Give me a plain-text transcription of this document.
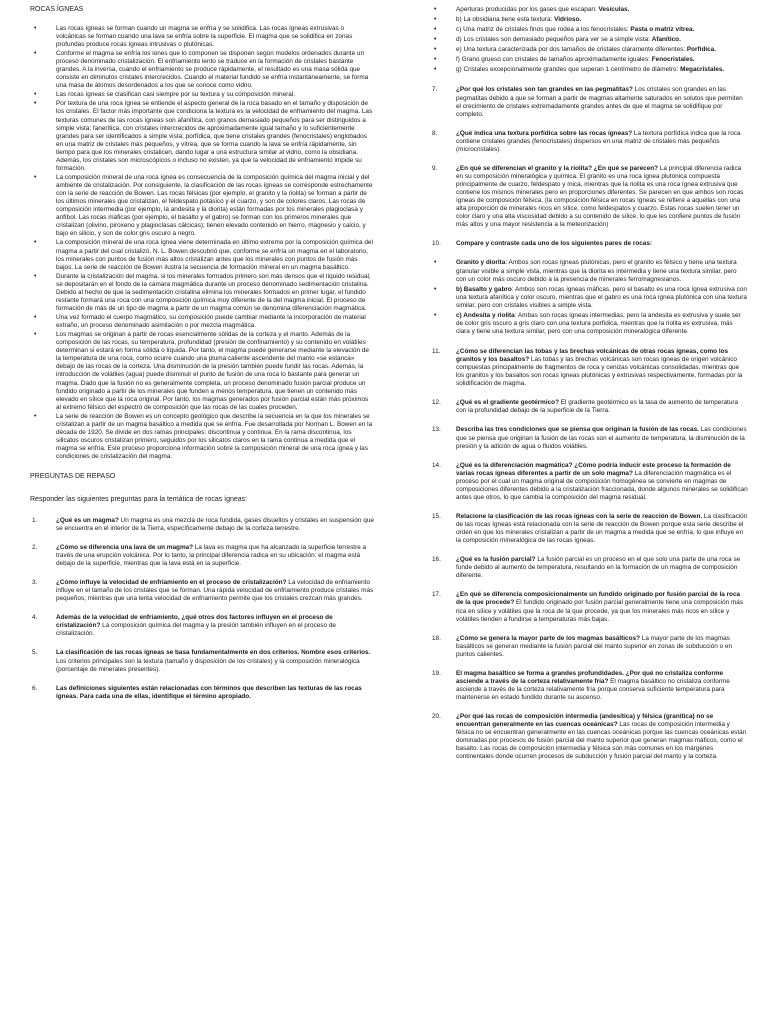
ROCAS ÍGNEAS
• Las rocas ígneas se forman cuando un magma se enfría y se solidifica. Las rocas ígneas extrusivas o volcánicas se forman cuando una lava se enfría sobre la superficie. El magma que se solidifica en zonas profundas produce rocas ígneas intrusivas o plutónicas.
• Conforme el magma se enfría los iones que lo componen se disponen según modelos ordenados durante un proceso denominado cristalización. El enfriamiento lento se traduce en la formación de cristales bastante grandes. A la inversa, cuando el enfriamiento se produce rápidamente, el resultado es una masa sólida que consiste en diminutos cristales intercrecidos. Cuando el material fundido se enfría instantáneamente, se forma una masa de átomos desordenados a los que se conoce como vidrio.
• Las rocas ígneas se clasifican casi siempre por su textura y su composición mineral.
• Por textura de una roca ígnea se entiende el aspecto general de la roca basado en el tamaño y disposición de los cristales. El factor más importante que condiciona la textura es la velocidad de enfriamiento del magma. Las texturas comunes de las rocas ígneas son afanítica, con granos demasiado pequeños para ser distinguidos a simple vista; fanerítica, con cristales intercrecidos de aproximadamente igual tamaño y lo suficientemente grandes para ser identificados a simple vista; porfídica, que tiene cristales grandes (fenocristales) englobados en una matriz de cristales más pequeños, y vítrea, que se forma cuando la lava se enfría rápidamente, sin tiempo para que los minerales cristalicen, dando lugar a una estructura similar al vidrio, como la obsidiana. Además, los cristales son microscópicos o incluso no existen, ya que la velocidad de enfriamiento impide su formación.
• La composición mineral de una roca ígnea es consecuencia de la composición química del magma inicial y del ambiente de cristalización. Por consiguiente, la clasificación de las rocas ígneas se corresponde estrechamente con la serie de reacción de Bowen. Las rocas félsicas (por ejemplo, el granito y la riolita) se forman a partir de los últimos minerales que cristalizan, el feldespato potásico y el cuarzo, y son de colores claros. Las rocas de composición intermedia (por ejemplo, la andesita y la diorita) están formadas por los minerales plagioclasa y anfíbol. Las rocas máficas (por ejemplo, el basalto y el gabro) se forman con los primeros minerales que cristalizan (olivino, piroxeno y plagioclasas cálcicas); tienen elevado contenido en hierro, magnesio y calcio, y bajo en silicio, y son de color gris oscuro a negro.
• La composición mineral de una roca ígnea viene determinada en último extremo por la composición química del magma a partir del cual cristalizó. N. L. Bowen descubrió que, conforme se enfría un magma en el laboratorio, los minerales con puntos de fusión más altos cristalizan antes que los minerales con puntos de fusión más bajos. La serie de reacción de Bowen ilustra la secuencia de formación mineral en un magma basáltico.
• Durante la cristalización del magma, si los minerales formados primero son más densos que el líquido residual, se depositarán en el fondo de la cámara magmática durante un proceso denominado sedimentación cristalina. Debido al hecho de que la sedimentación cristalina elimina los minerales formados en primer lugar, el fundido restante formará una roca con una composición química muy diferente de la del magma inicial. El proceso de formación de más de un tipo de magma a partir de un magma común se denomina diferenciación magmática.
• Una vez formado el cuerpo magmático, su composición puede cambiar mediante la incorporación de material extraño, un proceso denominado asimilación o por mezcla magmática.
• Los magmas se originan a partir de rocas esencialmente sólidas de la corteza y el manto. Además de la composición de las rocas, su temperatura, profundidad (presión de confinamiento) y su contenido en volátiles determinan si estará en forma sólida o líquida. Por tanto, el magma puede generarse mediante la elevación de la temperatura de una roca, como ocurre cuando una pluma caliente ascendente del manto «se estanca» debajo de las rocas de la corteza. Una disminución de la presión también puede fundir las rocas. Además, la introducción de volátiles (agua) puede disminuir el punto de fusión de una roca lo bastante para generar un magma. Dado que la fusión no es generalmente completa, un proceso denominado fusión parcial produce un fundido originado a partir de los minerales que funden a menos temperatura, que tienen un contenido más elevado en sílice que la roca original. Por tanto, los magmas generados por fusión parcial están más próximos al extremo félsico del espectro de composición que las rocas de las cuales proceden.
• La serie de reacción de Bowen es un concepto geológico que describe la secuencia en la que los minerales se cristalizan a partir de un magma basáltico a medida que se enfría. Fue desarrollada por Norman L. Bowen en la década de 1920. Se divide en dos ramas principales: discontinua y continua. En la rama discontinua, los silicatos oscuros cristalizan primero, seguidos por los silicatos claros en la rama continua a medida que el magma se enfría. Este proceso proporciona información sobre la composición mineral de una roca ígnea y las condiciones de cristalización del magma.
PREGUNTAS DE REPASO
Responder las siguientes preguntas para la temática de rocas ígneas:
1.	¿Qué es un magma? Un magma es una mezcla de roca fundida, gases disueltos y cristales en suspensión que se encuentra en el interior de la Tierra, específicamente debajo de la corteza terrestre.
2.	¿Cómo se diferencia una lava de un magma? La lava es magma que ha alcanzado la superficie terrestre a través de una erupción volcánica. Por lo tanto, la principal diferencia radica en su ubicación: el magma está debajo de la superficie, mientras que la lava está en la superficie.
3.	¿Cómo influye la velocidad de enfriamiento en el proceso de cristalización? La velocidad de enfriamiento influye en el tamaño de los cristales que se forman. Una rápida velocidad de enfriamiento produce cristales más pequeños, mientras que una lenta velocidad de enfriamiento permite que los cristales crezcan más grandes.
4.	Además de la velocidad de enfriamiento, ¿qué otros dos factores influyen en el proceso de cristalización? La composición química del magma y la presión también influyen en el proceso de cristalización.
5.	La clasificación de las rocas ígneas se basa fundamentalmente en dos criterios. Nombre esos criterios. Los criterios principales son la textura (tamaño y disposición de los cristales) y la composición mineralógica (porcentaje de minerales presentes).
6.	Las definiciones siguientes están relacionadas con términos que describen las texturas de las rocas ígneas. Para cada una de ellas, identifique el término apropiado.
• Aperturas producidas por los gases que escapan: Vesículas.
• b) La obsidiana tiene esta textura: Vidrioso.
• c) Una matriz de cristales finos que rodea a los fenocristales: Pasta o matriz vítrea.
• d) Los cristales son demasiado pequeños para ver se a simple vista: Afanítico.
• e) Una textura caracterizada por dos tamaños de cristales claramente diferentes: Porfídica.
• f) Grano grueso con cristales de tamaños aproximadamente iguales: Fenocristales.
• g) Cristales excepcionalmente grandes que superan 1 centímetro de diámetro: Megacristales.
7.	¿Por qué los cristales son tan grandes en las pegmatitas? Los cristales son grandes en las pegmatitas debido a que se forman a partir de magmas altamente saturados en solutos que permiten el crecimiento de cristales extremadamente grandes antes de que el magma se solidifique por completo.
8.	¿Qué indica una textura porfídica sobre las rocas ígneas? La textura porfídica indica que la roca contiene cristales grandes (fenocristales) dispersos en una matriz de cristales más pequeños (microcristales).
9.	¿En qué se diferencian el granito y la riolita? ¿En qué se parecen? La principal diferencia radica en su composición mineralógica y química. El granito es una roca ígnea plutónica compuesta principalmente de cuarzo, feldespato y mica, mientras que la riolita es una roca ígnea extrusiva que contiene los mismos minerales pero en proporciones diferentes. Se parecen en que ambos son rocas ígneas de composición félsica. (la composición félsica en rocas ígneas se refiere a aquellas con una alta proporción de minerales ricos en sílice, como feldespatos y cuarzo. Estas rocas suelen tener un color claro y una alta viscosidad debido a su contenido de sílice, lo que les confiere puntos de fusión más altos y una mayor resistencia a la meteorización)
10. Compare y contraste cada uno de los siguientes pares de rocas:
• Granito y diorita: Ambos son rocas ígneas plutónicas, pero el granito es félsico y tiene una textura granular visible a simple vista, mientras que la diorita es intermedia y tiene una textura similar, pero con un color más oscuro debido a la presencia de minerales ferromagnesianos.
• b) Basalto y gabro: Ambos son rocas ígneas máficas, pero el basalto es una roca ígnea extrusiva con una textura afanítica y color oscuro, mientras que el gabro es una roca ígnea plutónica con una textura similar, pero con cristales visibles a simple vista.
• c) Andesita y riolita: Ambas son rocas ígneas intermedias, pero la andesita es extrusiva y suele ser de color gris oscuro a gris claro con una textura porfídica, mientras que la riolita es extrusiva, más clara y tiene una textura similar, pero con una composición mineralógica diferente.
11. ¿Cómo se diferencian las tobas y las brechas volcánicas de otras rocas ígneas, como los granitos y los basaltos? Las tobas y las brechas volcánicas son rocas ígneas de origen volcánico compuestas principalmente de fragmentos de roca y cenizas volcánicas consolidadas, mientras que los granitos y los basaltos son rocas ígneas plutónicas y extrusivas respectivamente, formadas por la solidificación de magma.
12. ¿Qué es el gradiente geotérmico? El gradiente geotérmico es la tasa de aumento de temperatura con la profundidad debajo de la superficie de la Tierra.
13. Describa las tres condiciones que se piensa que originan la fusión de las rocas. Las condiciones que se piensa que originan la fusión de las rocas son el aumento de temperatura, la disminución de la presión y la adición de agua o fluidos volátiles.
14. ¿Qué es la diferenciación magmática? ¿Cómo podría inducir este proceso la formación de varias rocas ígneas diferentes a partir de un solo magma? La diferenciación magmática es el proceso por el cual un magma original de composición homogénea se convierte en magmas de composiciones diferentes debido a la cristalización fraccionada, donde algunos minerales se solidifican antes que otros, lo que cambia la composición del magma residual.
15. Relacione la clasificación de las rocas ígneas con la serie de reacción de Bowen. La clasificación de las rocas ígneas está relacionada con la serie de reacción de Bowen porque esta serie describe el orden en que los minerales cristalizan a partir de un magma a medida que se enfría, lo que influye en la composición mineralógica de las rocas ígneas.
16. ¿Qué es la fusión parcial? La fusión parcial es un proceso en el que solo una parte de una roca se funde debido al aumento de temperatura, resultando en la formación de un magma de composición diferente.
17. ¿En qué se diferencia composicionalmente un fundido originado por fusión parcial de la roca de la que procede? El fundido originado por fusión parcial generalmente tiene una composición más rica en sílice y volátiles que la roca de la que procede, ya que los minerales más ricos en sílice y volátiles tienden a fundirse a temperaturas más bajas.
18. ¿Cómo se genera la mayor parte de los magmas basálticos? La mayor parte de los magmas basálticos se generan mediante la fusión parcial del manto superior en zonas de subducción o en puntos calientes.
19. El magma basáltico se forma a grandes profundidades. ¿Por qué no cristaliza conforme asciende a través de la corteza relativamente fría? El magma basáltico no cristaliza conforme asciende a través de la corteza relativamente fría porque conserva suficiente temperatura para mantenerse en estado fundido durante su ascenso.
20. ¿Por qué las rocas de composición intermedia (andesítica) y félsica (granítica) no se encuentran generalmente en las cuencas oceánicas? Las rocas de composición intermedia y félsica no se encuentran generalmente en las cuencas oceánicas porque las cuencas oceánicas están dominadas por procesos de fusión parcial del manto superior que generan magmas máficos, como el basalto. Las rocas de composición intermedia y félsica son más comunes en los márgenes continentales donde ocurren procesos de subducción y fusión parcial del manto y la corteza.
